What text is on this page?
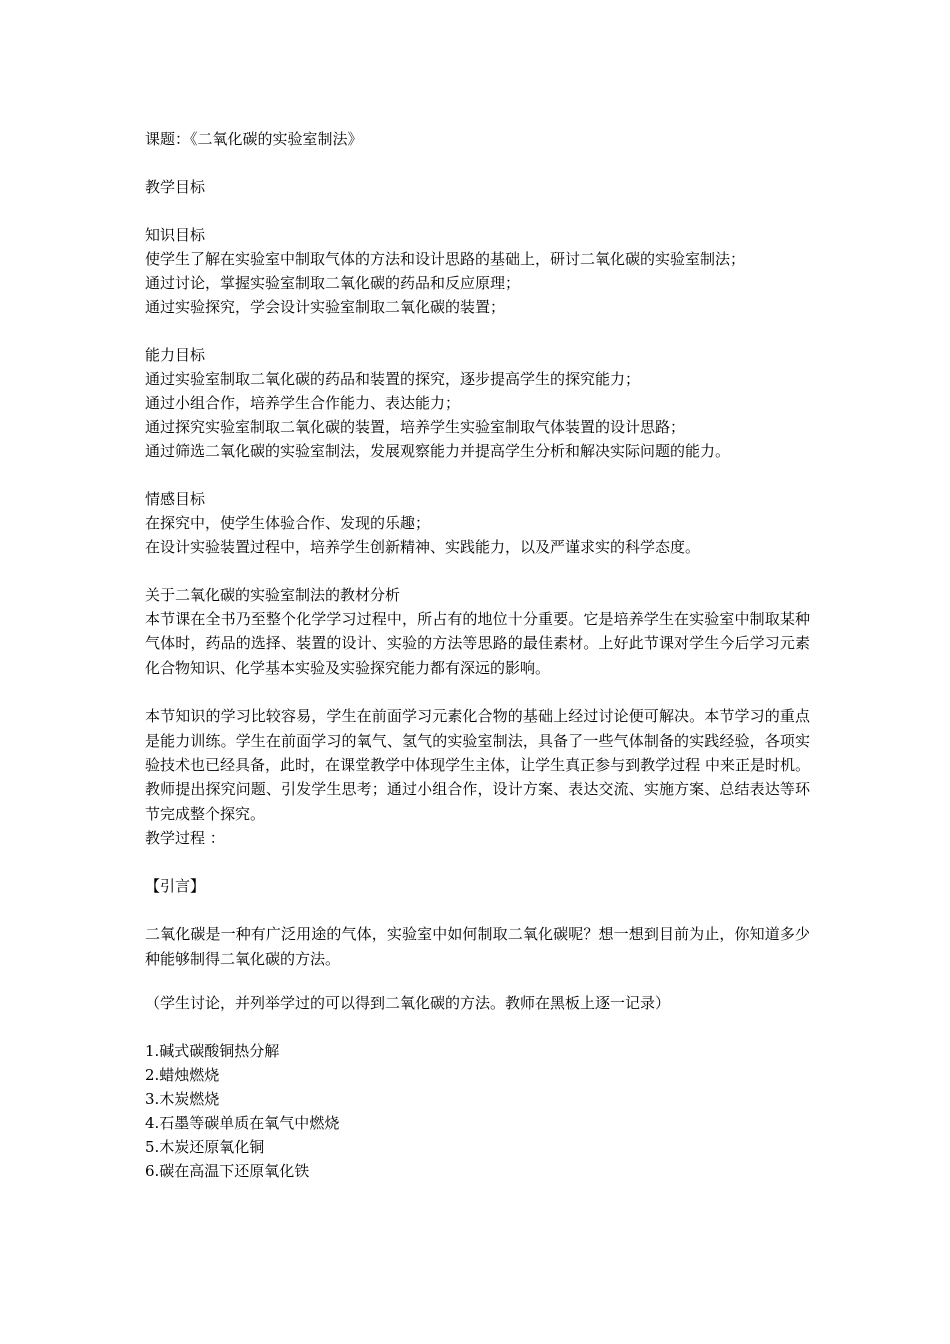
课题：《二氧化碳的实验室制法》
教学目标
知识目标
使学生了解在实验室中制取气体的方法和设计思路的基础上，研讨二氧化碳的实验室制法；
通过讨论，掌握实验室制取二氧化碳的药品和反应原理；
通过实验探究，学会设计实验室制取二氧化碳的装置；
能力目标
通过实验室制取二氧化碳的药品和装置的探究，逐步提高学生的探究能力；
通过小组合作，培养学生合作能力、表达能力；
通过探究实验室制取二氧化碳的装置，培养学生实验室制取气体装置的设计思路；
通过筛选二氧化碳的实验室制法，发展观察能力并提高学生分析和解决实际问题的能力。
情感目标
在探究中，使学生体验合作、发现的乐趣；
在设计实验装置过程中，培养学生创新精神、实践能力，以及严谨求实的科学态度。
关于二氧化碳的实验室制法的教材分析
本节课在全书乃至整个化学学习过程中，所占有的地位十分重要。它是培养学生在实验室中制取某种气体时，药品的选择、装置的设计、实验的方法等思路的最佳素材。上好此节课对学生今后学习元素化合物知识、化学基本实验及实验探究能力都有深远的影响。
本节知识的学习比较容易，学生在前面学习元素化合物的基础上经过讨论便可解决。本节学习的重点是能力训练。学生在前面学习的氧气、氢气的实验室制法，具备了一些气体制备的实践经验，各项实验技术也已经具备，此时，在课堂教学中体现学生主体，让学生真正参与到教学过程 中来正是时机。教师提出探究问题、引发学生思考；通过小组合作，设计方案、表达交流、实施方案、总结表达等环节完成整个探究。
教学过程 ：
【引言】
二氧化碳是一种有广泛用途的气体，实验室中如何制取二氧化碳呢？想一想到目前为止，你知道多少种能够制得二氧化碳的方法。
（学生讨论，并列举学过的可以得到二氧化碳的方法。教师在黑板上逐一记录）
1.碱式碳酸铜热分解
2.蜡烛燃烧
3.木炭燃烧
4.石墨等碳单质在氧气中燃烧
5.木炭还原氧化铜
6.碳在高温下还原氧化铁
